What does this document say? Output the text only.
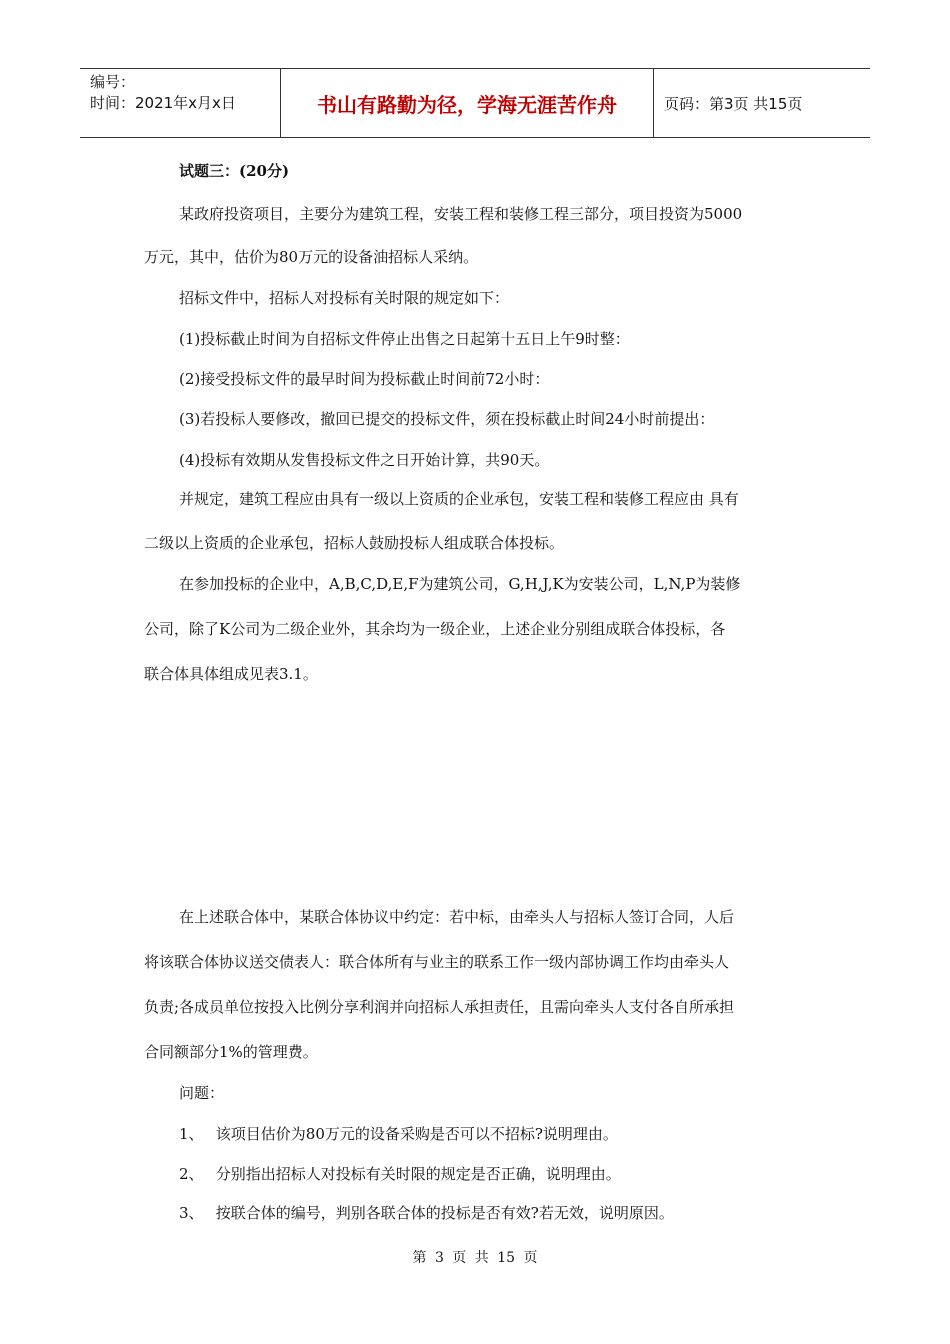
编号：
时间：2021年x月x日	书山有路勤为径，学海无涯苦作舟	页码：第3页 共15页
试题三：(20分)
某政府投资项目，主要分为建筑工程，安装工程和装修工程三部分，项目投资为5000
万元，其中，估价为80万元的设备油招标人采纳。
招标文件中，招标人对投标有关时限的规定如下：
(1)投标截止时间为自招标文件停止出售之日起第十五日上午9时整：
(2)接受投标文件的最早时间为投标截止时间前72小时：
(3)若投标人要修改，撤回已提交的投标文件，须在投标截止时间24小时前提出：
(4)投标有效期从发售投标文件之日开始计算，共90天。
并规定，建筑工程应由具有一级以上资质的企业承包，安装工程和装修工程应由 具有
二级以上资质的企业承包，招标人鼓励投标人组成联合体投标。
在参加投标的企业中，A,B,C,D,E,F为建筑公司，G,H,J,K为安装公司，L,N,P为装修
公司，除了K公司为二级企业外，其余均为一级企业，上述企业分别组成联合体投标，各
联合体具体组成见表3.1。
在上述联合体中，某联合体协议中约定：若中标，由牵头人与招标人签订合同，人后
将该联合体协议送交债表人：联合体所有与业主的联系工作一级内部协调工作均由牵头人
负责;各成员单位按投入比例分享利润并向招标人承担责任，且需向牵头人支付各自所承担
合同额部分1%的管理费。
问题：
1、 该项目估价为80万元的设备采购是否可以不招标?说明理由。
2、 分别指出招标人对投标有关时限的规定是否正确，说明理由。
3、 按联合体的编号，判别各联合体的投标是否有效?若无效，说明原因。
第 3 页 共 15 页
